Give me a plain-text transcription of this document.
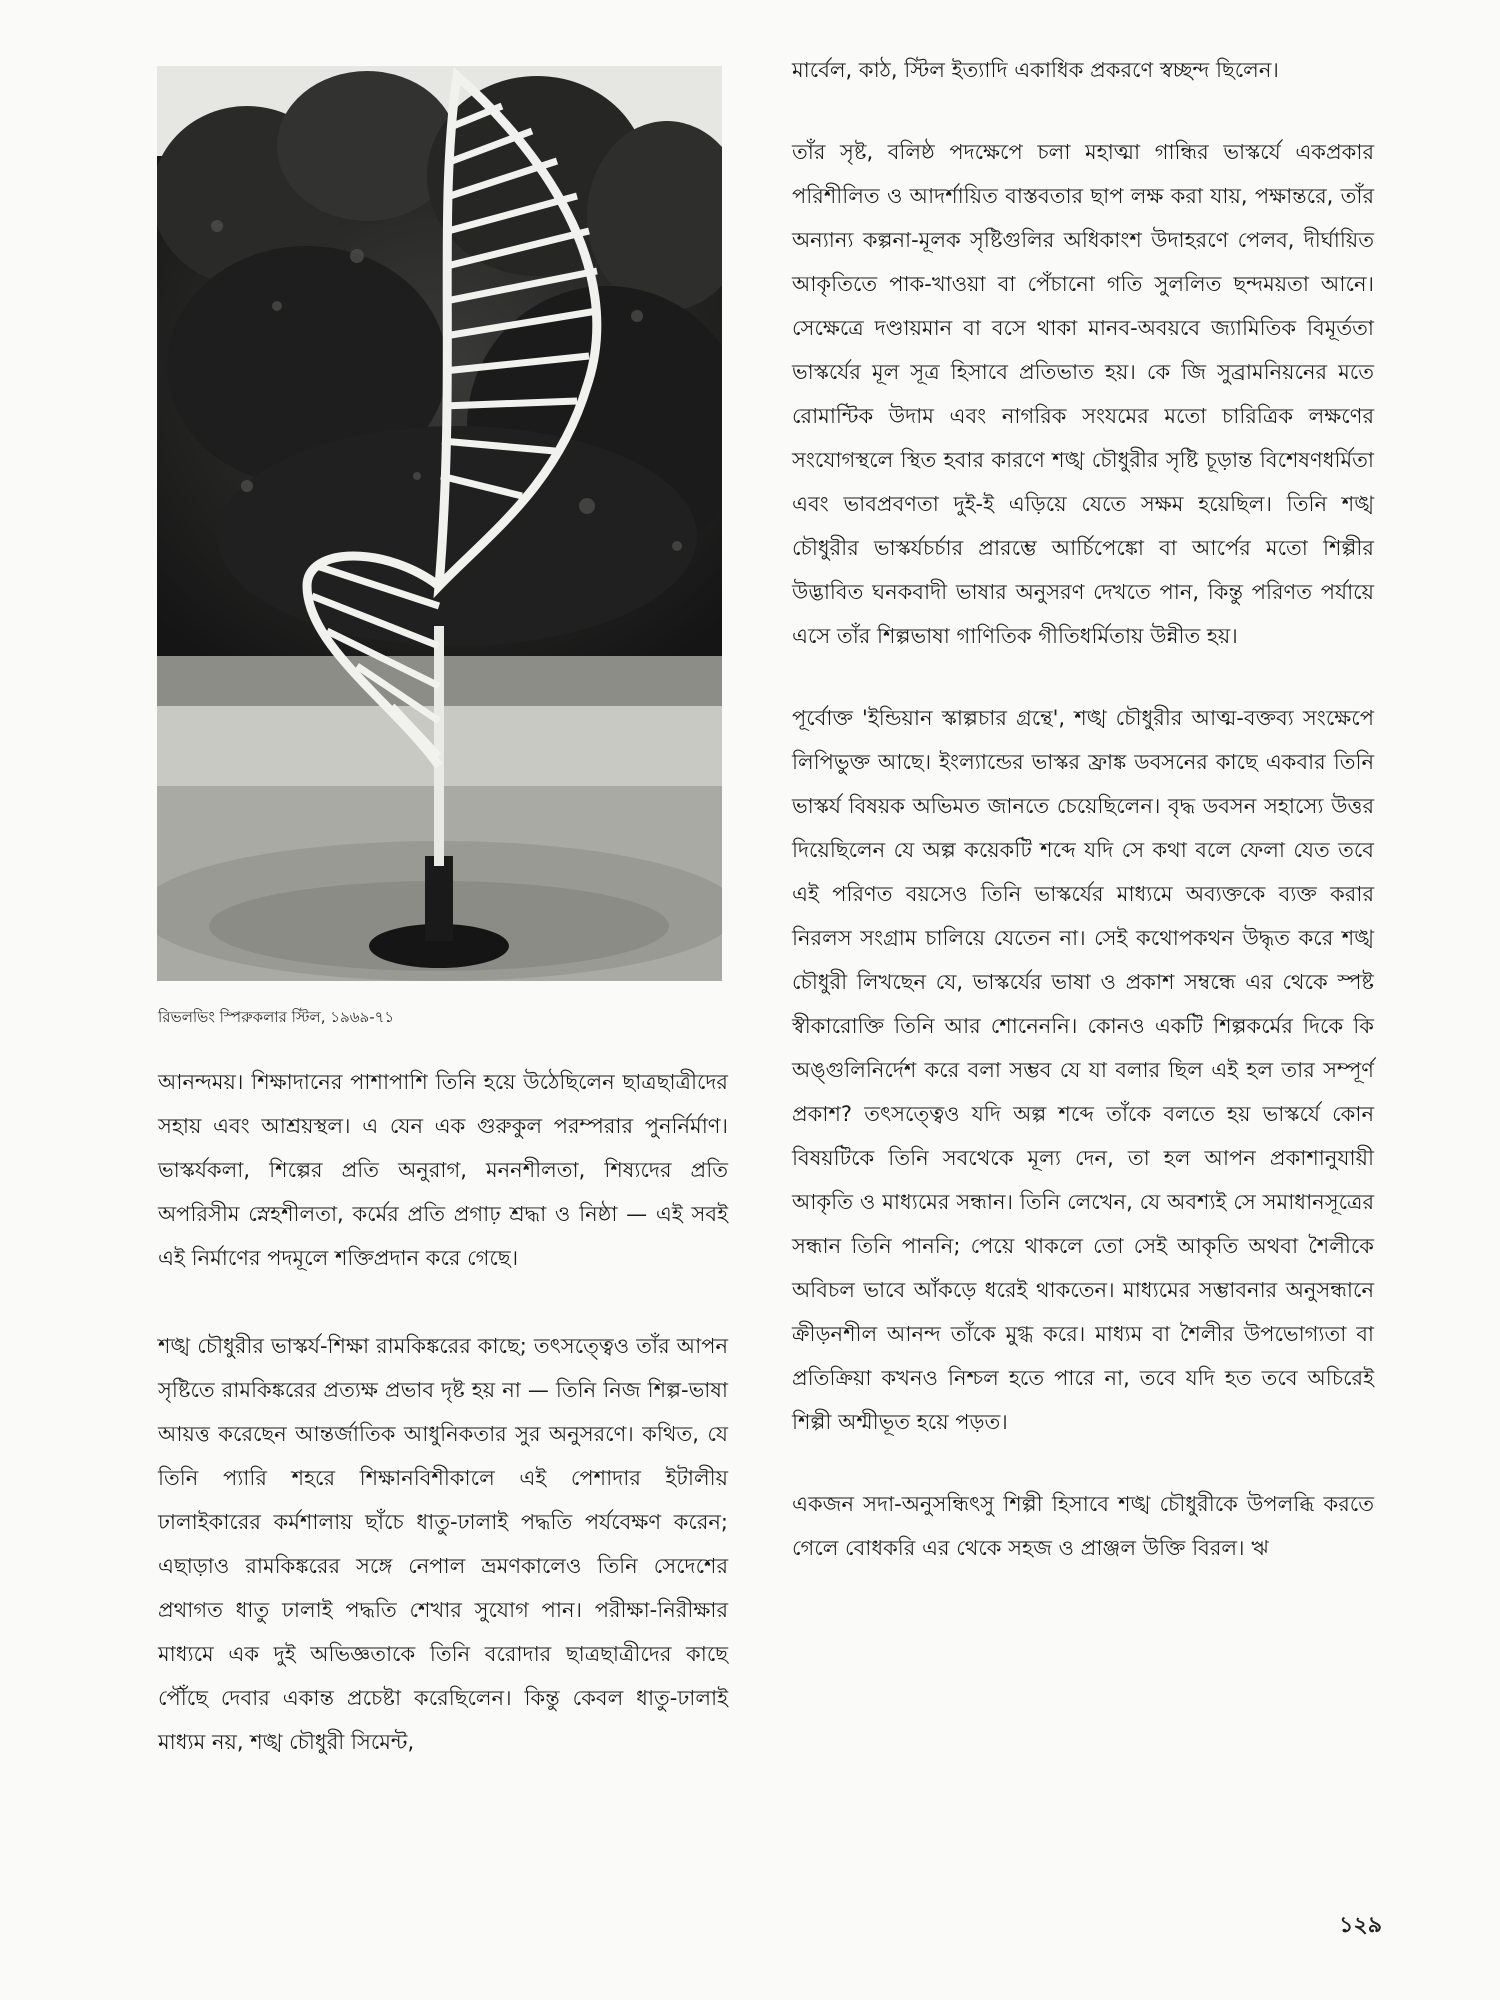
রিভলভিং স্পিরুকলার স্টিল, ১৯৬৯-৭১

আনন্দময়। শিক্ষাদানের পাশাপাশি তিনি হয়ে উঠেছিলেন ছাত্রছাত্রীদের সহায় এবং আশ্রয়স্থল। এ যেন এক গুরুকুল পরম্পরার পুনর্নির্মাণ। ভাস্কর্যকলা, শিল্পের প্রতি অনুরাগ, মননশীলতা, শিষ্যদের প্রতি অপরিসীম স্নেহশীলতা, কর্মের প্রতি প্রগাঢ় শ্রদ্ধা ও নিষ্ঠা — এই সবই এই নির্মাণের পদমূলে শক্তিপ্রদান করে গেছে।

শঙ্খ চৌধুরীর ভাস্কর্য-শিক্ষা রামকিঙ্করের কাছে; তৎসত্ত্বেও তাঁর আপন সৃষ্টিতে রামকিঙ্করের প্রত্যক্ষ প্রভাব দৃষ্ট হয় না — তিনি নিজ শিল্প-ভাষা আয়ত্ত করেছেন আন্তর্জাতিক আধুনিকতার সুর অনুসরণে। কথিত, যে তিনি প্যারি শহরে শিক্ষানবিশীকালে এই পেশাদার ইটালীয় ঢালাইকারের কর্মশালায় ছাঁচে ধাতু-ঢালাই পদ্ধতি পর্যবেক্ষণ করেন; এছাড়াও রামকিঙ্করের সঙ্গে নেপাল ভ্রমণকালেও তিনি সেদেশের প্রথাগত ধাতু ঢালাই পদ্ধতি শেখার সুযোগ পান। পরীক্ষা-নিরীক্ষার মাধ্যমে এক দুই অভিজ্ঞতাকে তিনি বরোদার ছাত্রছাত্রীদের কাছে পৌঁছে দেবার একান্ত প্রচেষ্টা করেছিলেন। কিন্তু কেবল ধাতু-ঢালাই মাধ্যম নয়, শঙ্খ চৌধুরী সিমেন্ট,

মার্বেল, কাঠ, স্টিল ইত্যাদি একাধিক প্রকরণে স্বচ্ছন্দ ছিলেন।

তাঁর সৃষ্ট, বলিষ্ঠ পদক্ষেপে চলা মহাত্মা গান্ধির ভাস্কর্যে একপ্রকার পরিশীলিত ও আদর্শায়িত বাস্তবতার ছাপ লক্ষ করা যায়, পক্ষান্তরে, তাঁর অন্যান্য কল্পনা-মূলক সৃষ্টিগুলির অধিকাংশ উদাহরণে পেলব, দীর্ঘায়িত আকৃতিতে পাক-খাওয়া বা পেঁচানো গতি সুললিত ছন্দময়তা আনে। সেক্ষেত্রে দণ্ডায়মান বা বসে থাকা মানব-অবয়বে জ্যামিতিক বিমূর্ততা ভাস্কর্যের মূল সূত্র হিসাবে প্রতিভাত হয়। কে জি সুব্রামনিয়নের মতে রোমান্টিক উদাম এবং নাগরিক সংযমের মতো চারিত্রিক লক্ষণের সংযোগস্থলে স্থিত হবার কারণে শঙ্খ চৌধুরীর সৃষ্টি চূড়ান্ত বিশেষণধর্মিতা এবং ভাবপ্রবণতা দুই-ই এড়িয়ে যেতে সক্ষম হয়েছিল। তিনি শঙ্খ চৌধুরীর ভাস্কর্যচর্চার প্রারম্ভে আর্চিপেঙ্কো বা আর্পের মতো শিল্পীর উদ্ভাবিত ঘনকবাদী ভাষার অনুসরণ দেখতে পান, কিন্তু পরিণত পর্যায়ে এসে তাঁর শিল্পভাষা গাণিতিক গীতিধর্মিতায় উন্নীত হয়।

পূর্বোক্ত 'ইন্ডিয়ান স্কাল্পচার গ্রন্থে', শঙ্খ চৌধুরীর আত্ম-বক্তব্য সংক্ষেপে লিপিভুক্ত আছে। ইংল্যান্ডের ভাস্কর ফ্রাঙ্ক ডবসনের কাছে একবার তিনি ভাস্কর্য বিষয়ক অভিমত জানতে চেয়েছিলেন। বৃদ্ধ ডবসন সহাস্যে উত্তর দিয়েছিলেন যে অল্প কয়েকটি শব্দে যদি সে কথা বলে ফেলা যেত তবে এই পরিণত বয়সেও তিনি ভাস্কর্যের মাধ্যমে অব্যক্তকে ব্যক্ত করার নিরলস সংগ্রাম চালিয়ে যেতেন না। সেই কথোপকথন উদ্ধৃত করে শঙ্খ চৌধুরী লিখছেন যে, ভাস্কর্যের ভাষা ও প্রকাশ সম্বন্ধে এর থেকে স্পষ্ট স্বীকারোক্তি তিনি আর শোনেননি। কোনও একটি শিল্পকর্মের দিকে কি অঙ্গুলিনির্দেশ করে বলা সম্ভব যে যা বলার ছিল এই হল তার সম্পূর্ণ প্রকাশ? তৎসত্ত্বেও যদি অল্প শব্দে তাঁকে বলতে হয় ভাস্কর্যে কোন বিষয়টিকে তিনি সবথেকে মূল্য দেন, তা হল আপন প্রকাশানুযায়ী আকৃতি ও মাধ্যমের সন্ধান। তিনি লেখেন, যে অবশ্যই সে সমাধানসূত্রের সন্ধান তিনি পাননি; পেয়ে থাকলে তো সেই আকৃতি অথবা শৈলীকে অবিচল ভাবে আঁকড়ে ধরেই থাকতেন। মাধ্যমের সম্ভাবনার অনুসন্ধানে ক্রীড়নশীল আনন্দ তাঁকে মুগ্ধ করে। মাধ্যম বা শৈলীর উপভোগ্যতা বা প্রতিক্রিয়া কখনও নিশ্চল হতে পারে না, তবে যদি হত তবে অচিরেই শিল্পী অশ্মীভূত হয়ে পড়ত।

একজন সদা-অনুসন্ধিৎসু শিল্পী হিসাবে শঙ্খ চৌধুরীকে উপলব্ধি করতে গেলে বোধকরি এর থেকে সহজ ও প্রাঞ্জল উক্তি বিরল। ঋ

১২৯
